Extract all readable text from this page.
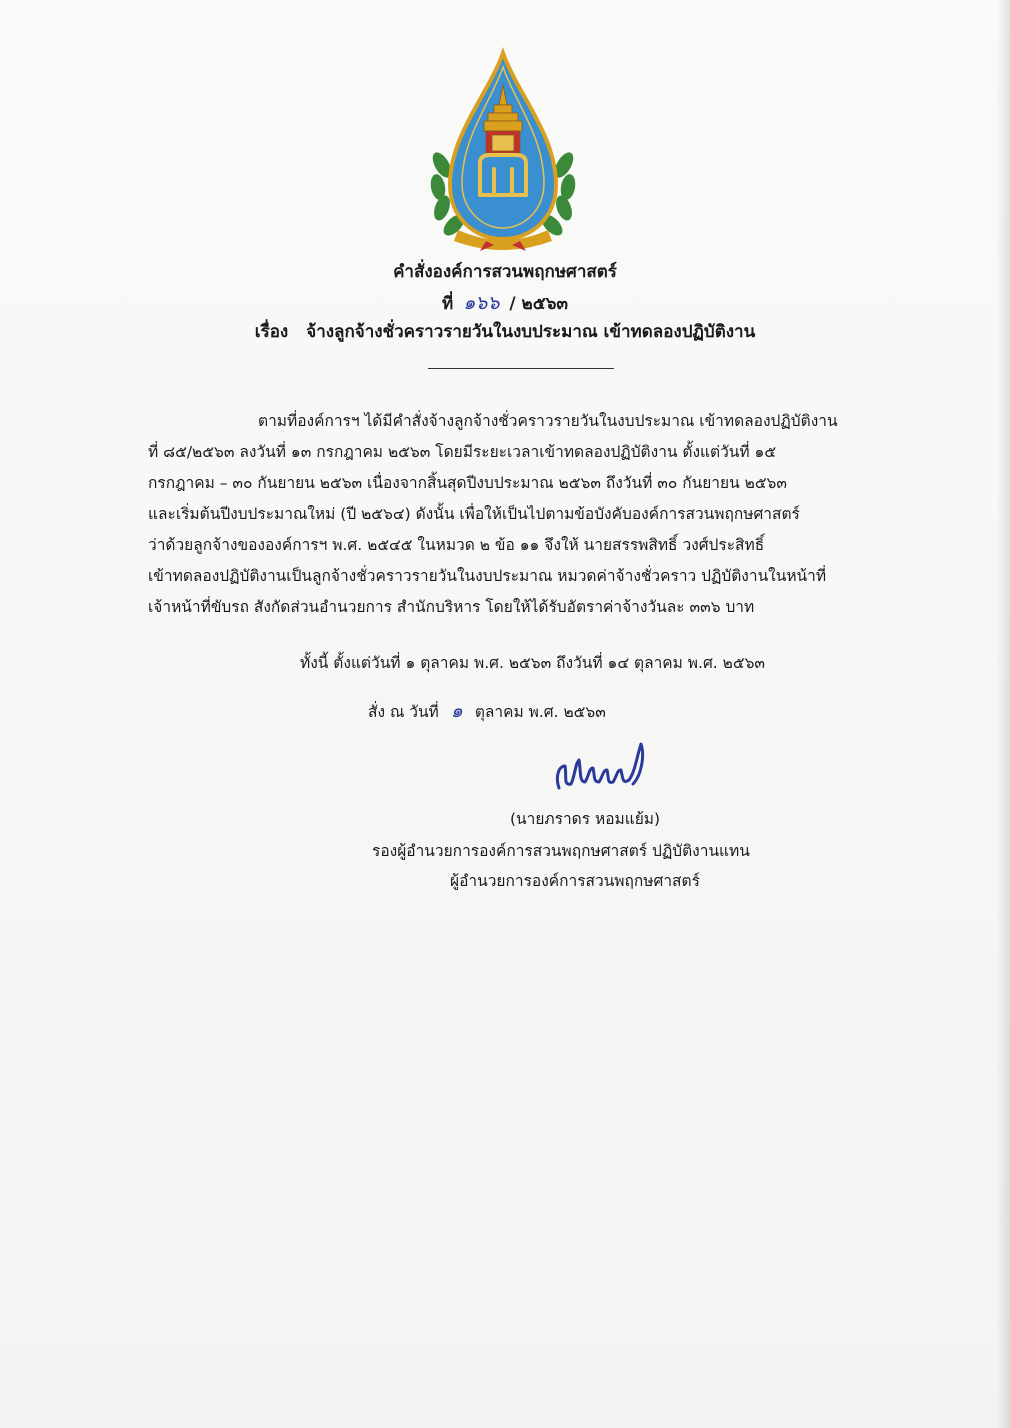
คำสั่งองค์การสวนพฤกษศาสตร์
ที่ ๑๖๖ / ๒๕๖๓
เรื่อง จ้างลูกจ้างชั่วคราวรายวันในงบประมาณ เข้าทดลองปฏิบัติงาน
ตามที่องค์การฯ ได้มีคำสั่งจ้างลูกจ้างชั่วคราวรายวันในงบประมาณ เข้าทดลองปฏิบัติงาน
ที่ ๘๕/๒๕๖๓ ลงวันที่ ๑๓ กรกฎาคม ๒๕๖๓ โดยมีระยะเวลาเข้าทดลองปฏิบัติงาน ตั้งแต่วันที่ ๑๕
กรกฎาคม – ๓๐ กันยายน ๒๕๖๓ เนื่องจากสิ้นสุดปีงบประมาณ ๒๕๖๓ ถึงวันที่ ๓๐ กันยายน ๒๕๖๓
และเริ่มต้นปีงบประมาณใหม่ (ปี ๒๕๖๔) ดังนั้น เพื่อให้เป็นไปตามข้อบังคับองค์การสวนพฤกษศาสตร์
ว่าด้วยลูกจ้างขององค์การฯ พ.ศ. ๒๕๔๕ ในหมวด ๒ ข้อ ๑๑ จึงให้ นายสรรพสิทธิ์ วงศ์ประสิทธิ์
เข้าทดลองปฏิบัติงานเป็นลูกจ้างชั่วคราวรายวันในงบประมาณ หมวดค่าจ้างชั่วคราว ปฏิบัติงานในหน้าที่
เจ้าหน้าที่ขับรถ สังกัดส่วนอำนวยการ สำนักบริหาร โดยให้ได้รับอัตราค่าจ้างวันละ ๓๓๖ บาท
ทั้งนี้ ตั้งแต่วันที่ ๑ ตุลาคม พ.ศ. ๒๕๖๓ ถึงวันที่ ๑๔ ตุลาคม พ.ศ. ๒๕๖๓
สั่ง ณ วันที่ ๑ ตุลาคม พ.ศ. ๒๕๖๓
(นายภราดร หอมแย้ม)
รองผู้อำนวยการองค์การสวนพฤกษศาสตร์ ปฏิบัติงานแทน
ผู้อำนวยการองค์การสวนพฤกษศาสตร์
